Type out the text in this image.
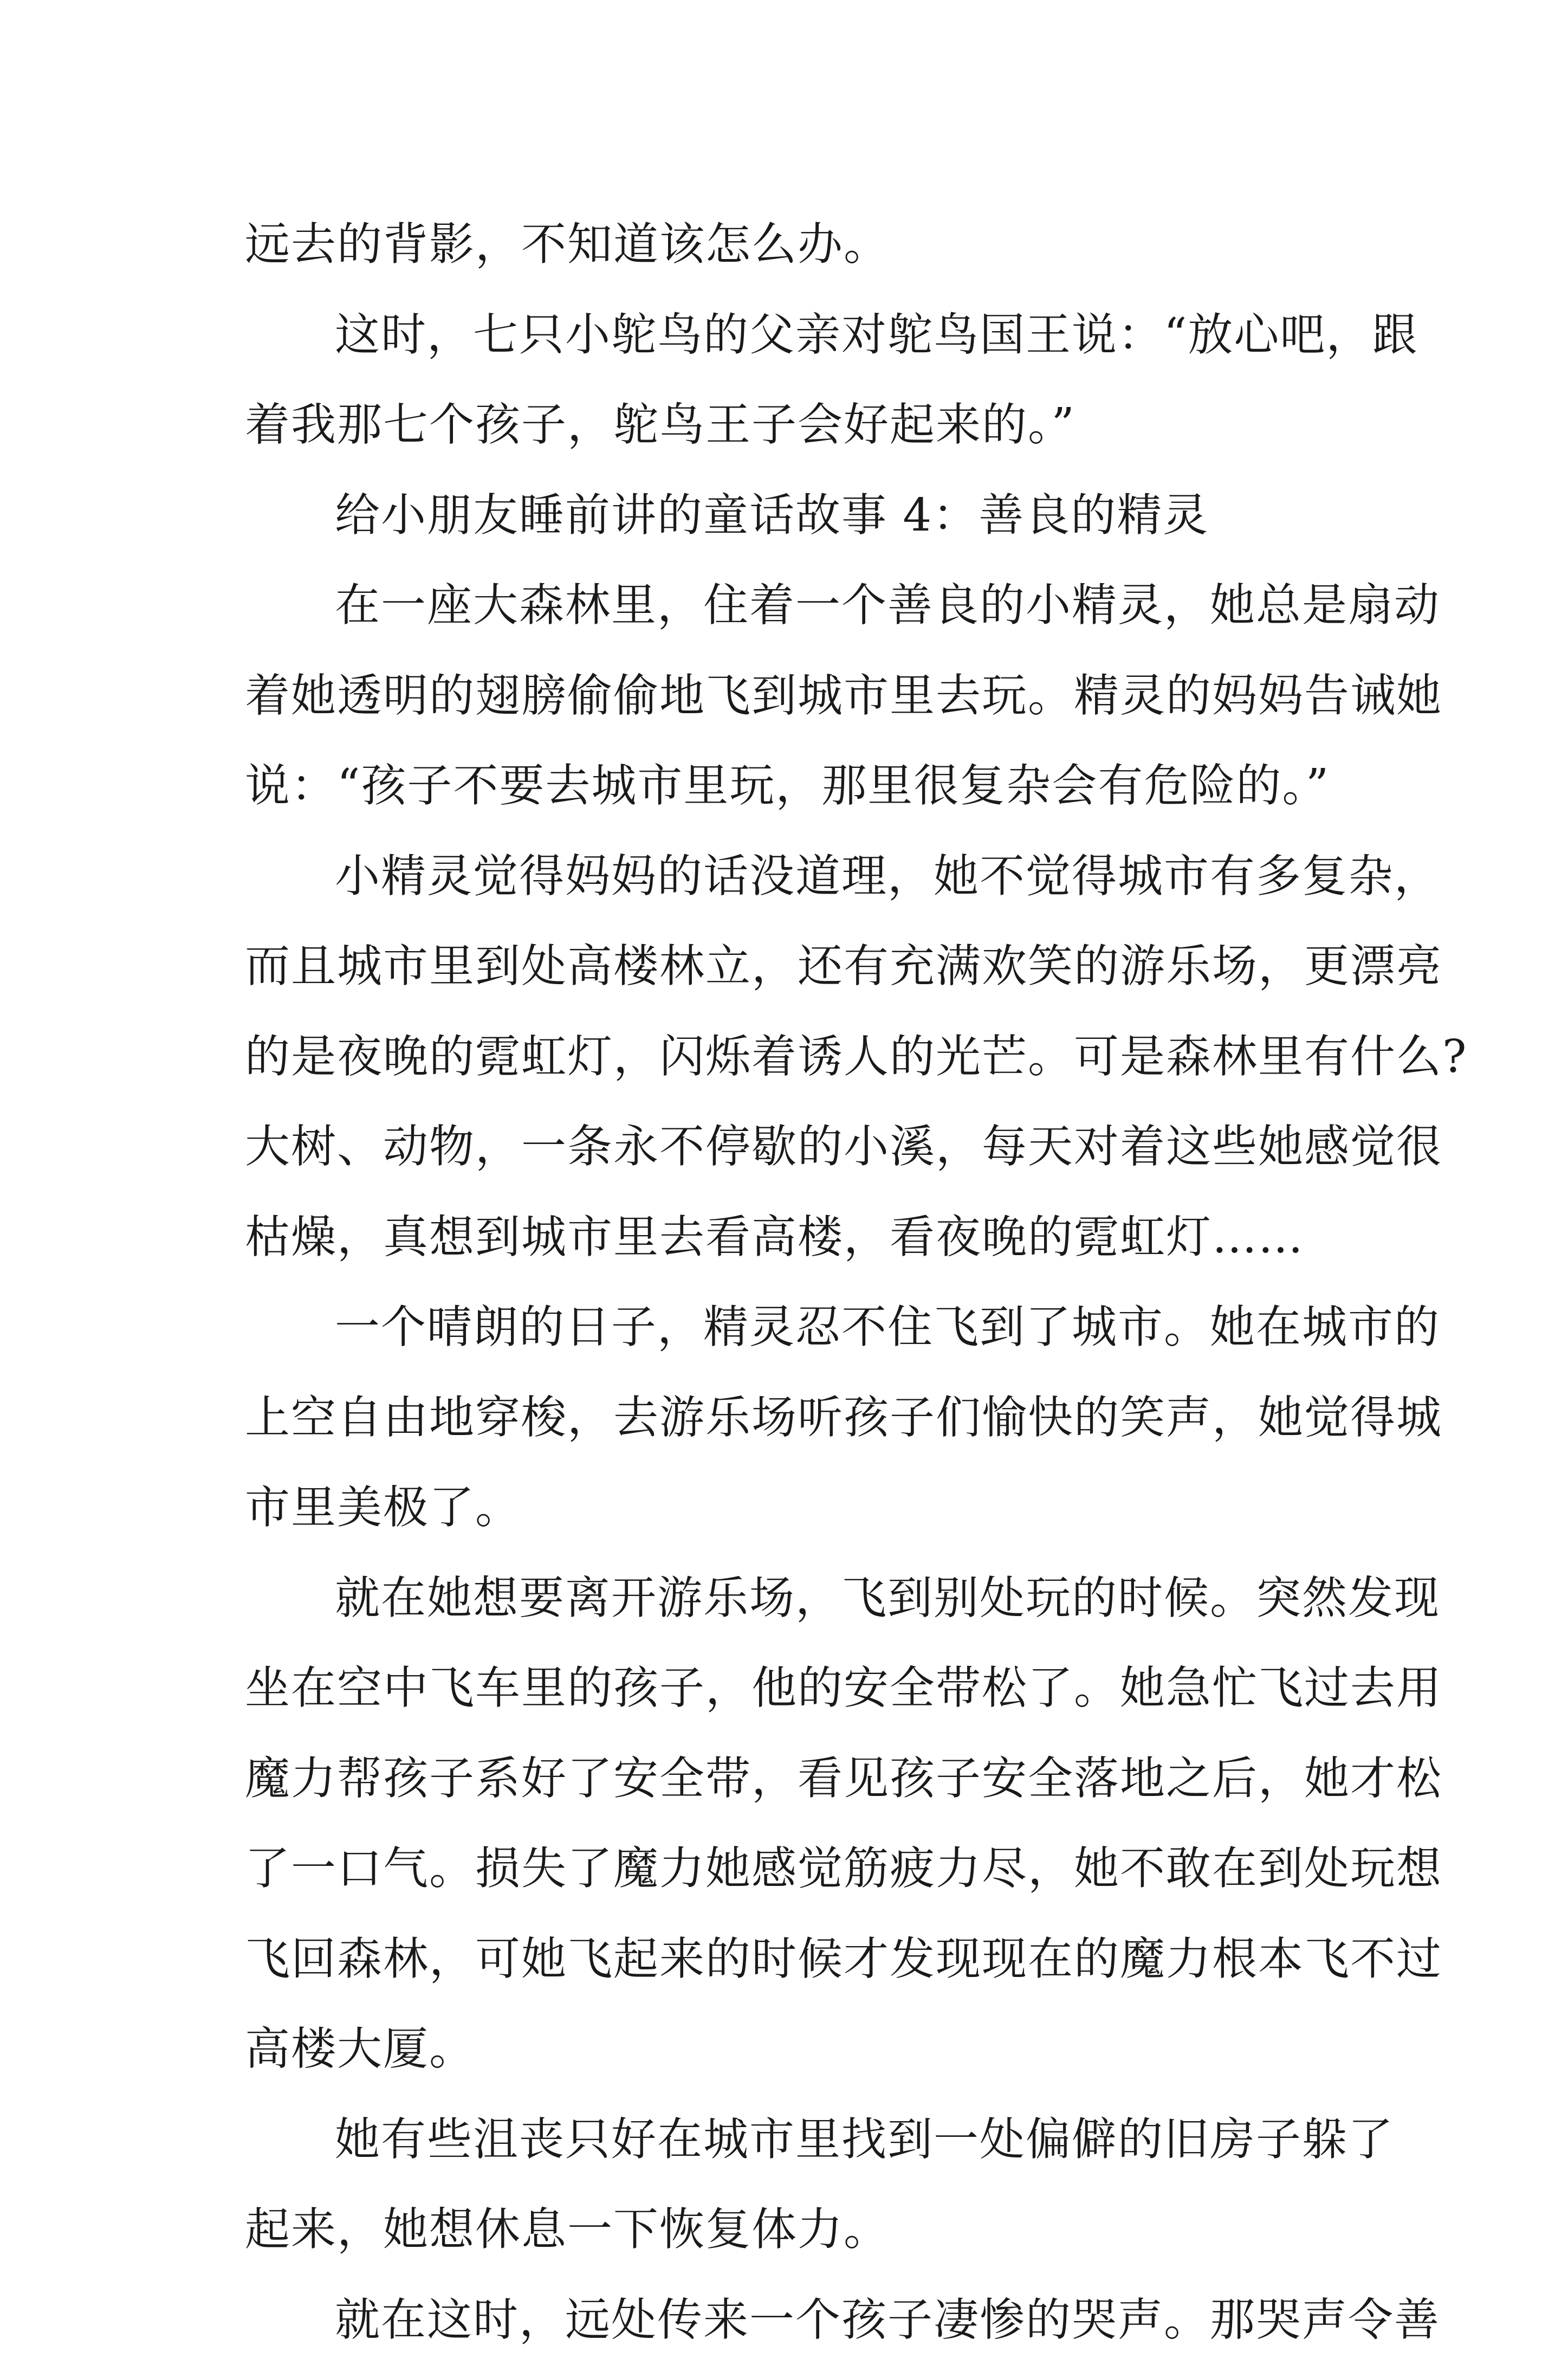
远去的背影，不知道该怎么办。
这时，七只小鸵鸟的父亲对鸵鸟国王说：“放心吧，跟
着我那七个孩子，鸵鸟王子会好起来的。”
给小朋友睡前讲的童话故事 4：善良的精灵
在一座大森林里，住着一个善良的小精灵，她总是扇动
着她透明的翅膀偷偷地飞到城市里去玩。精灵的妈妈告诫她
说：“孩子不要去城市里玩，那里很复杂会有危险的。”
小精灵觉得妈妈的话没道理，她不觉得城市有多复杂，
而且城市里到处高楼林立，还有充满欢笑的游乐场，更漂亮
的是夜晚的霓虹灯，闪烁着诱人的光芒。可是森林里有什么?
大树、动物，一条永不停歇的小溪，每天对着这些她感觉很
枯燥，真想到城市里去看高楼，看夜晚的霓虹灯……
一个晴朗的日子，精灵忍不住飞到了城市。她在城市的
上空自由地穿梭，去游乐场听孩子们愉快的笑声，她觉得城
市里美极了。
就在她想要离开游乐场，飞到别处玩的时候。突然发现
坐在空中飞车里的孩子，他的安全带松了。她急忙飞过去用
魔力帮孩子系好了安全带，看见孩子安全落地之后，她才松
了一口气。损失了魔力她感觉筋疲力尽，她不敢在到处玩想
飞回森林，可她飞起来的时候才发现现在的魔力根本飞不过
高楼大厦。
她有些沮丧只好在城市里找到一处偏僻的旧房子躲了
起来，她想休息一下恢复体力。
就在这时，远处传来一个孩子凄惨的哭声。那哭声令善
